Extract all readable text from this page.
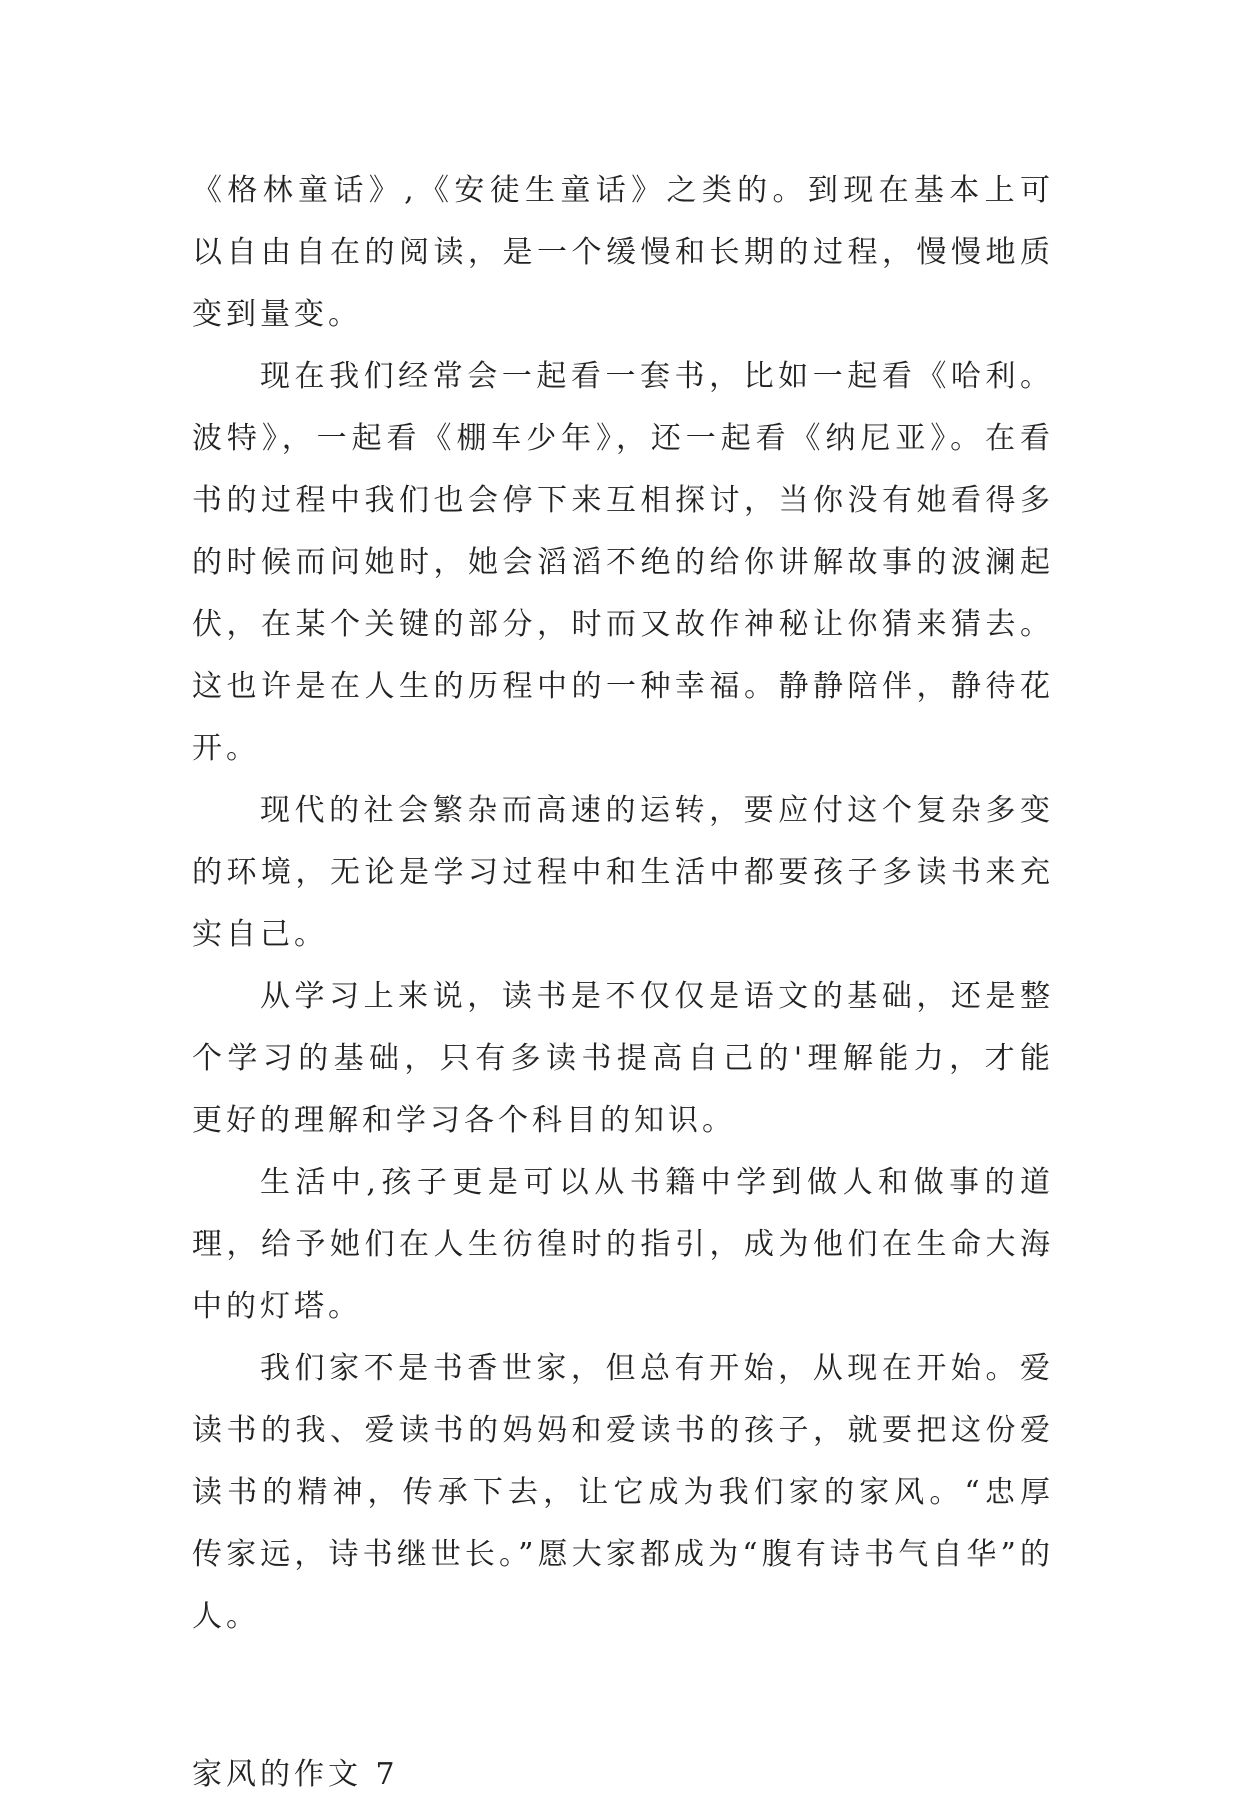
《格林童话》,《安徒生童话》之类的。到现在基本上可以自由自在的阅读，是一个缓慢和长期的过程，慢慢地质变到量变。

现在我们经常会一起看一套书，比如一起看《哈利。波特》，一起看《棚车少年》，还一起看《纳尼亚》。在看书的过程中我们也会停下来互相探讨，当你没有她看得多的时候而问她时，她会滔滔不绝的给你讲解故事的波澜起伏，在某个关键的部分，时而又故作神秘让你猜来猜去。这也许是在人生的历程中的一种幸福。静静陪伴，静待花开。

现代的社会繁杂而高速的运转，要应付这个复杂多变的环境，无论是学习过程中和生活中都要孩子多读书来充实自己。

从学习上来说，读书是不仅仅是语文的基础，还是整个学习的基础，只有多读书提高自己的'理解能力，才能更好的理解和学习各个科目的知识。

生活中,孩子更是可以从书籍中学到做人和做事的道理，给予她们在人生彷徨时的指引，成为他们在生命大海中的灯塔。

我们家不是书香世家，但总有开始，从现在开始。爱读书的我、爱读书的妈妈和爱读书的孩子，就要把这份爱读书的精神，传承下去，让它成为我们家的家风。“忠厚传家远，诗书继世长。”愿大家都成为“腹有诗书气自华”的人。

家风的作文 7
